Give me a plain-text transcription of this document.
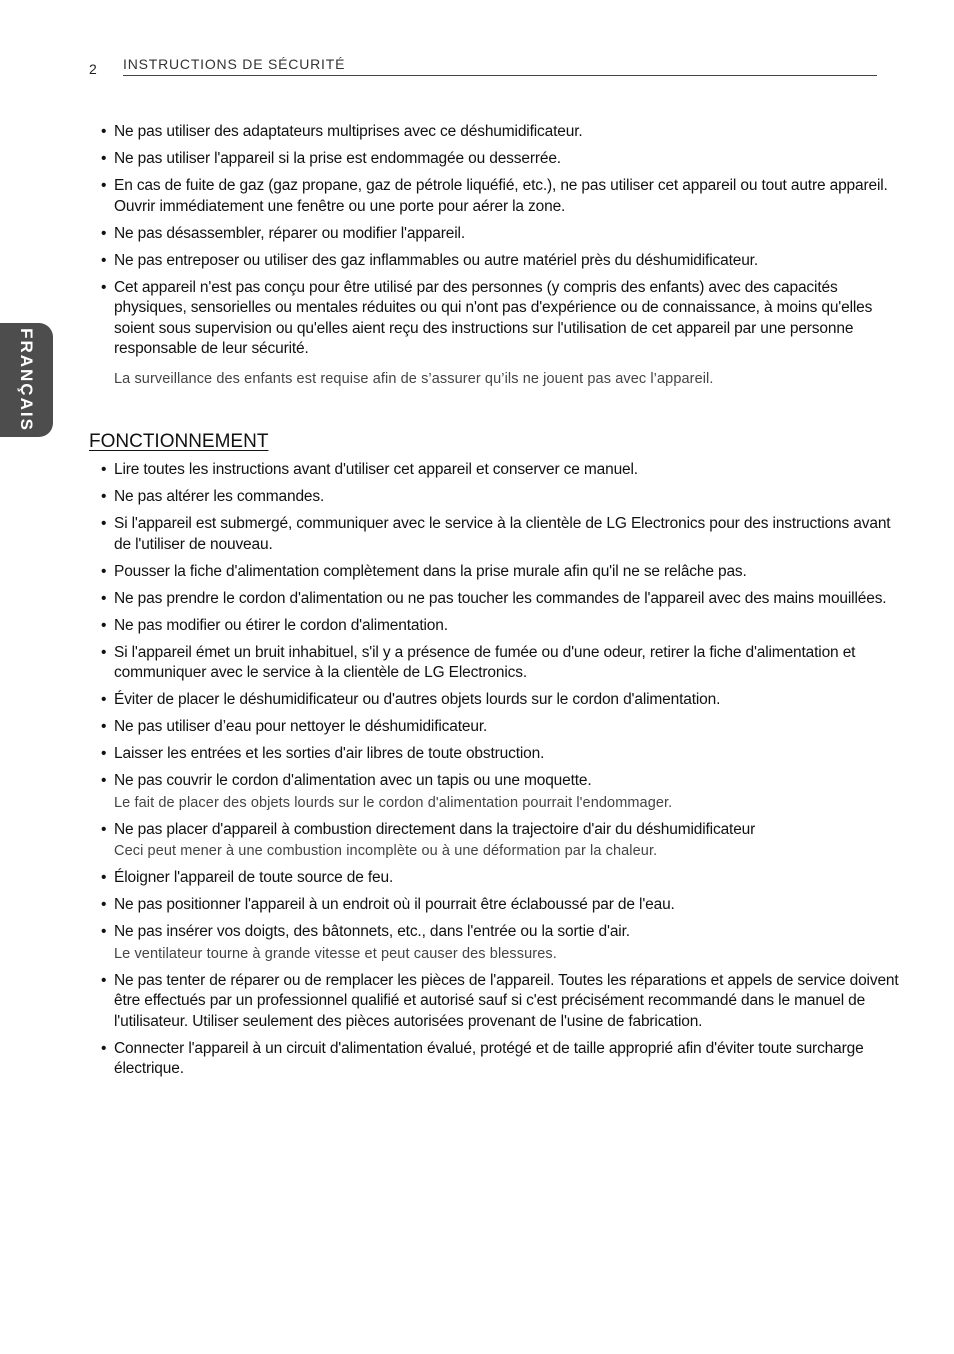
2 INSTRUCTIONS DE SÉCURITÉ
FRANÇAIS
• Ne pas utiliser des adaptateurs multiprises avec ce déshumidificateur.
• Ne pas utiliser l'appareil si la prise est endommagée ou desserrée.
• En cas de fuite de gaz (gaz propane, gaz de pétrole liquéfié, etc.), ne pas utiliser cet appareil ou tout autre appareil. Ouvrir immédiatement une fenêtre ou une porte pour aérer la zone.
• Ne pas désassembler, réparer ou modifier l'appareil.
• Ne pas entreposer ou utiliser des gaz inflammables ou autre matériel près du déshumidificateur.
• Cet appareil n'est pas conçu pour être utilisé par des personnes (y compris des enfants) avec des capacités physiques, sensorielles ou mentales réduites ou qui n'ont pas d'expérience ou de connaissance, à moins qu'elles soient sous supervision ou qu'elles aient reçu des instructions sur l'utilisation de cet appareil par une personne responsable de leur sécurité.
La surveillance des enfants est requise afin de s’assurer qu’ils ne jouent pas avec l’appareil.
FONCTIONNEMENT
• Lire toutes les instructions avant d'utiliser cet appareil et conserver ce manuel.
• Ne pas altérer les commandes.
• Si l'appareil est submergé, communiquer avec le service à la clientèle de LG Electronics pour des instructions avant de l'utiliser de nouveau.
• Pousser la fiche d'alimentation complètement dans la prise murale afin qu'il ne se relâche pas.
• Ne pas prendre le cordon d'alimentation ou ne pas toucher les commandes de l'appareil avec des mains mouillées.
• Ne pas modifier ou étirer le cordon d'alimentation.
• Si l'appareil émet un bruit inhabituel, s'il y a présence de fumée ou d'une odeur, retirer la fiche d'alimentation et communiquer avec le service à la clientèle de LG Electronics.
• Éviter de placer le déshumidificateur ou d'autres objets lourds sur le cordon d'alimentation.
• Ne pas utiliser d’eau pour nettoyer le déshumidificateur.
• Laisser les entrées et les sorties d'air libres de toute obstruction.
• Ne pas couvrir le cordon d'alimentation avec un tapis ou une moquette.
Le fait de placer des objets lourds sur le cordon d'alimentation pourrait l'endommager.
• Ne pas placer d'appareil à combustion directement dans la trajectoire d'air du déshumidificateur
Ceci peut mener à une combustion incomplète ou à une déformation par la chaleur.
• Éloigner l'appareil de toute source de feu.
• Ne pas positionner l'appareil à un endroit où il pourrait être éclaboussé par de l'eau.
• Ne pas insérer vos doigts, des bâtonnets, etc., dans l'entrée ou la sortie d'air.
Le ventilateur tourne à grande vitesse et peut causer des blessures.
• Ne pas tenter de réparer ou de remplacer les pièces de l'appareil. Toutes les réparations et appels de service doivent être effectués par un professionnel qualifié et autorisé sauf si c'est précisément recommandé dans le manuel de l'utilisateur. Utiliser seulement des pièces autorisées provenant de l'usine de fabrication.
• Connecter l'appareil à un circuit d'alimentation évalué, protégé et de taille approprié afin d'éviter toute surcharge électrique.
